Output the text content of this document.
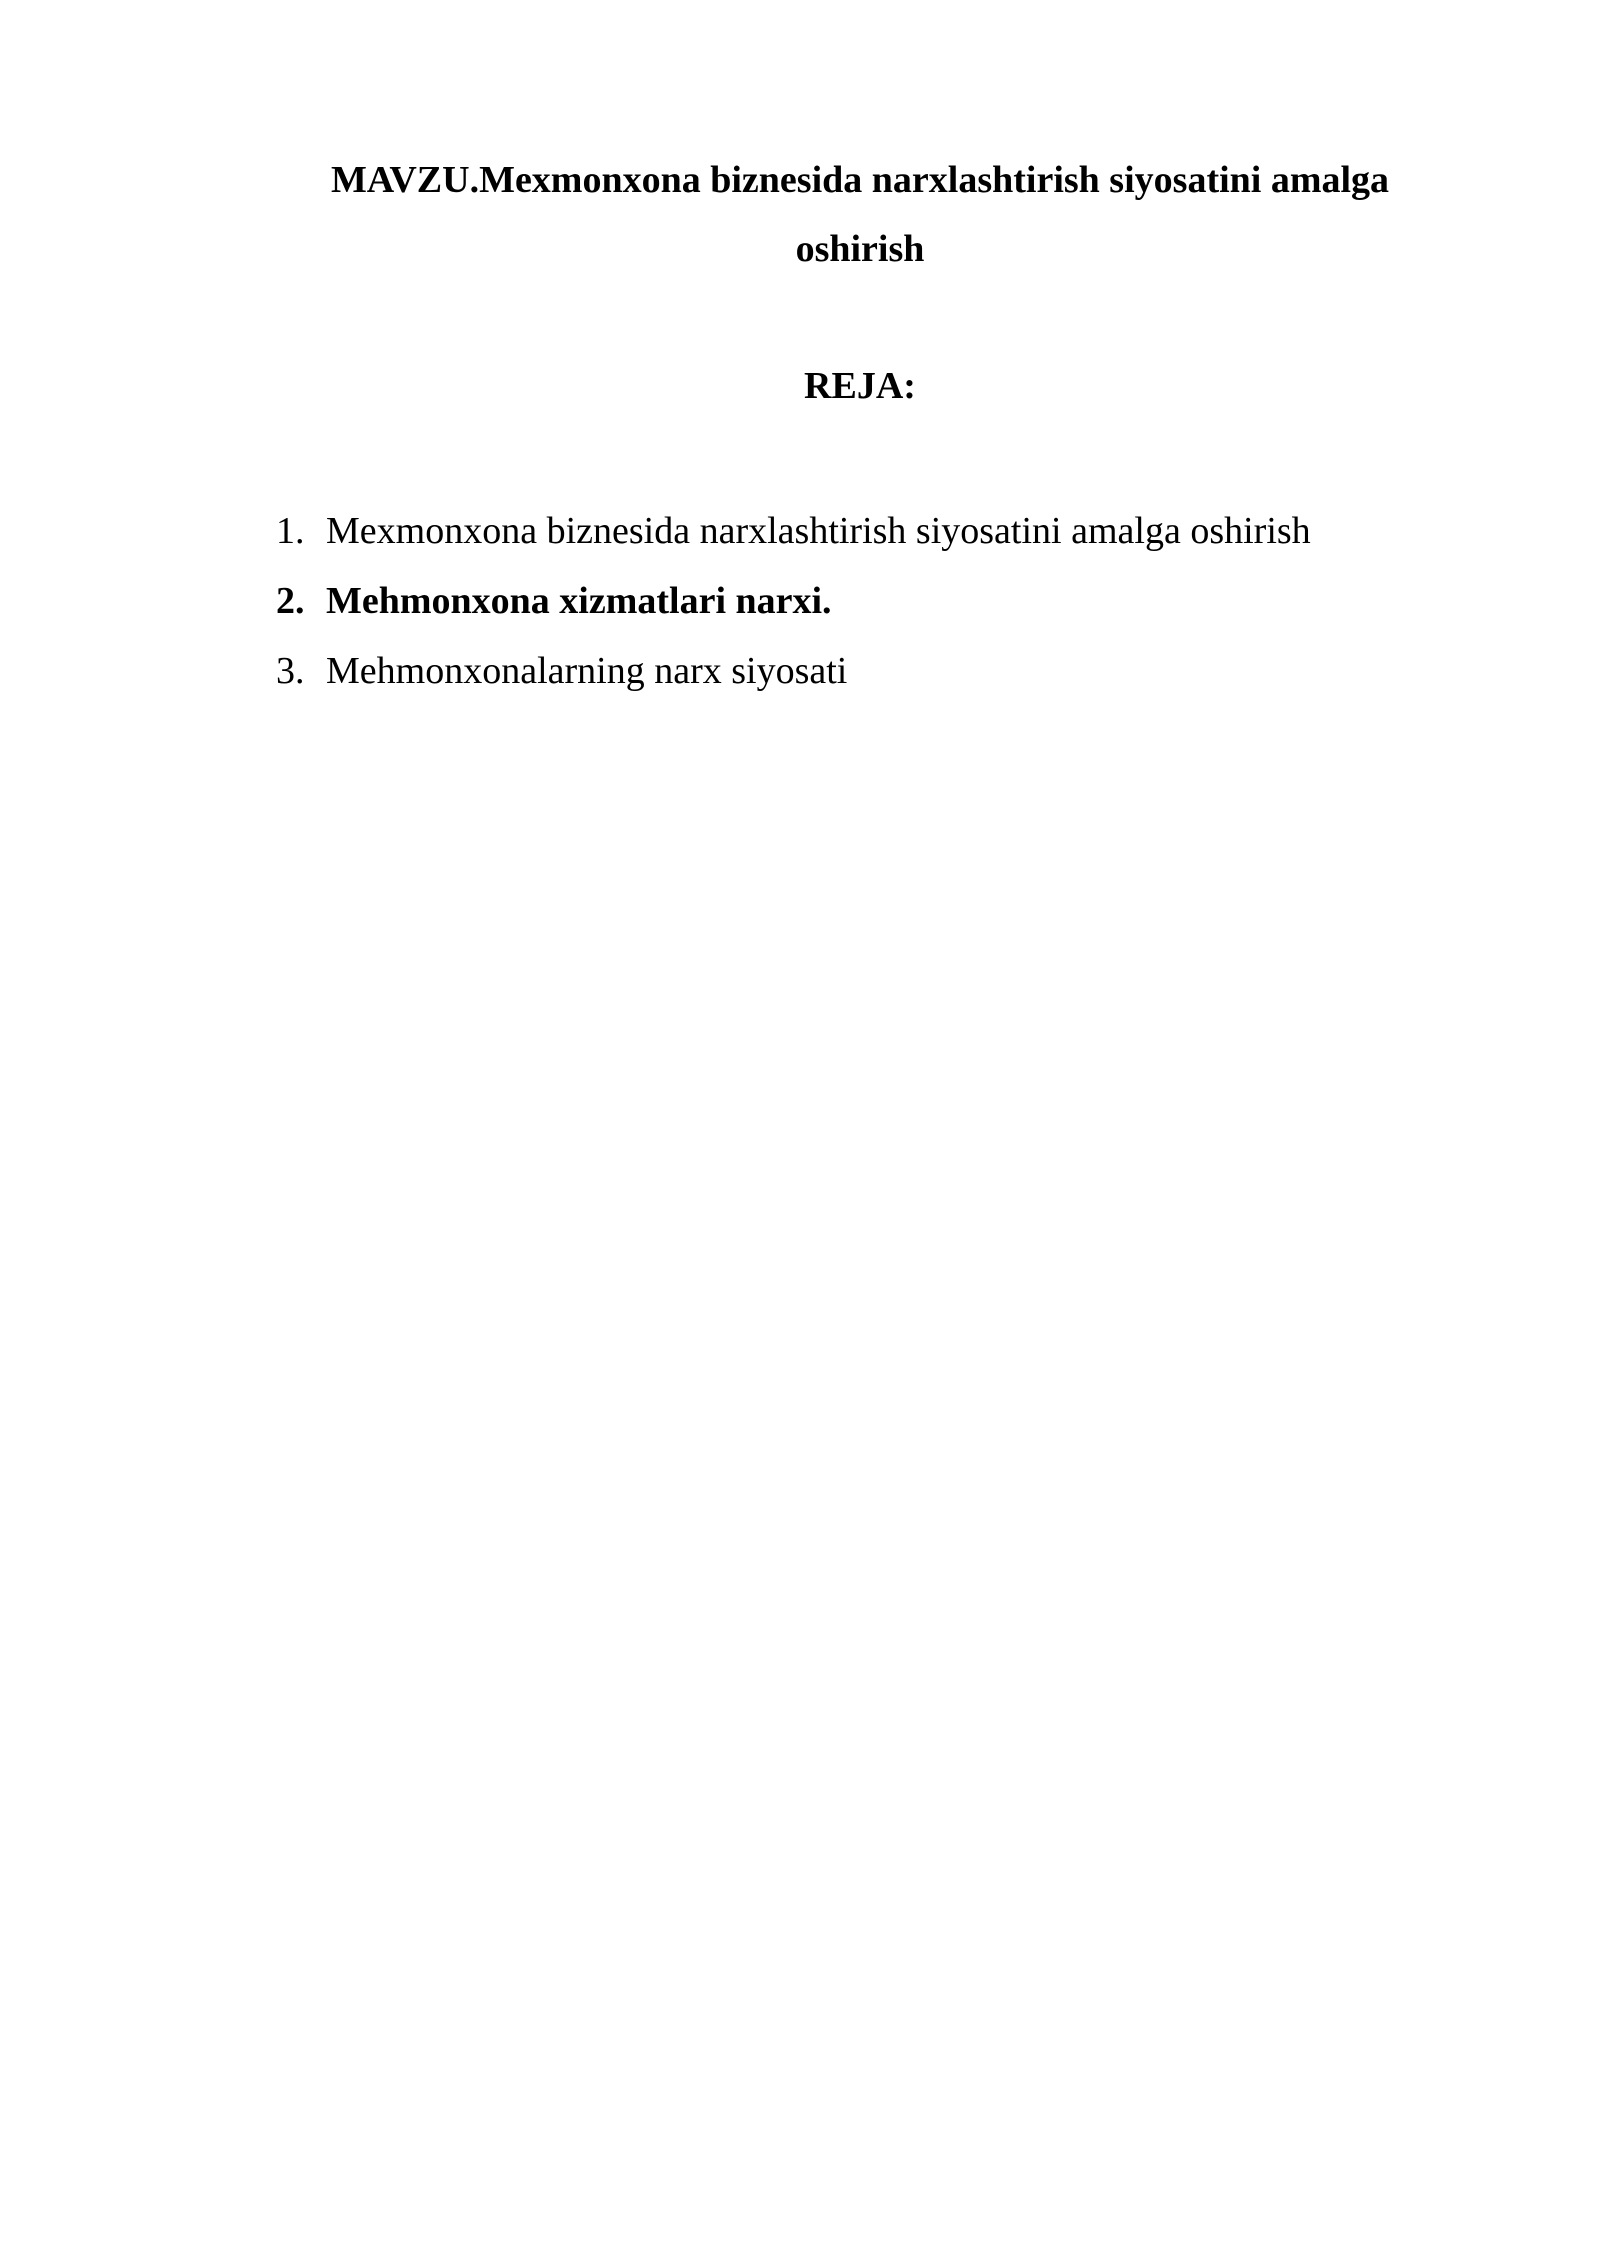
MAVZU.Mexmonxona biznesida narxlashtirish siyosatini amalga
oshirish
REJA:
1. Mexmonxona biznesida narxlashtirish siyosatini amalga oshirish
2. Mehmonxona xizmatlari narxi.
3. Mehmonxonalarning narx siyosati
